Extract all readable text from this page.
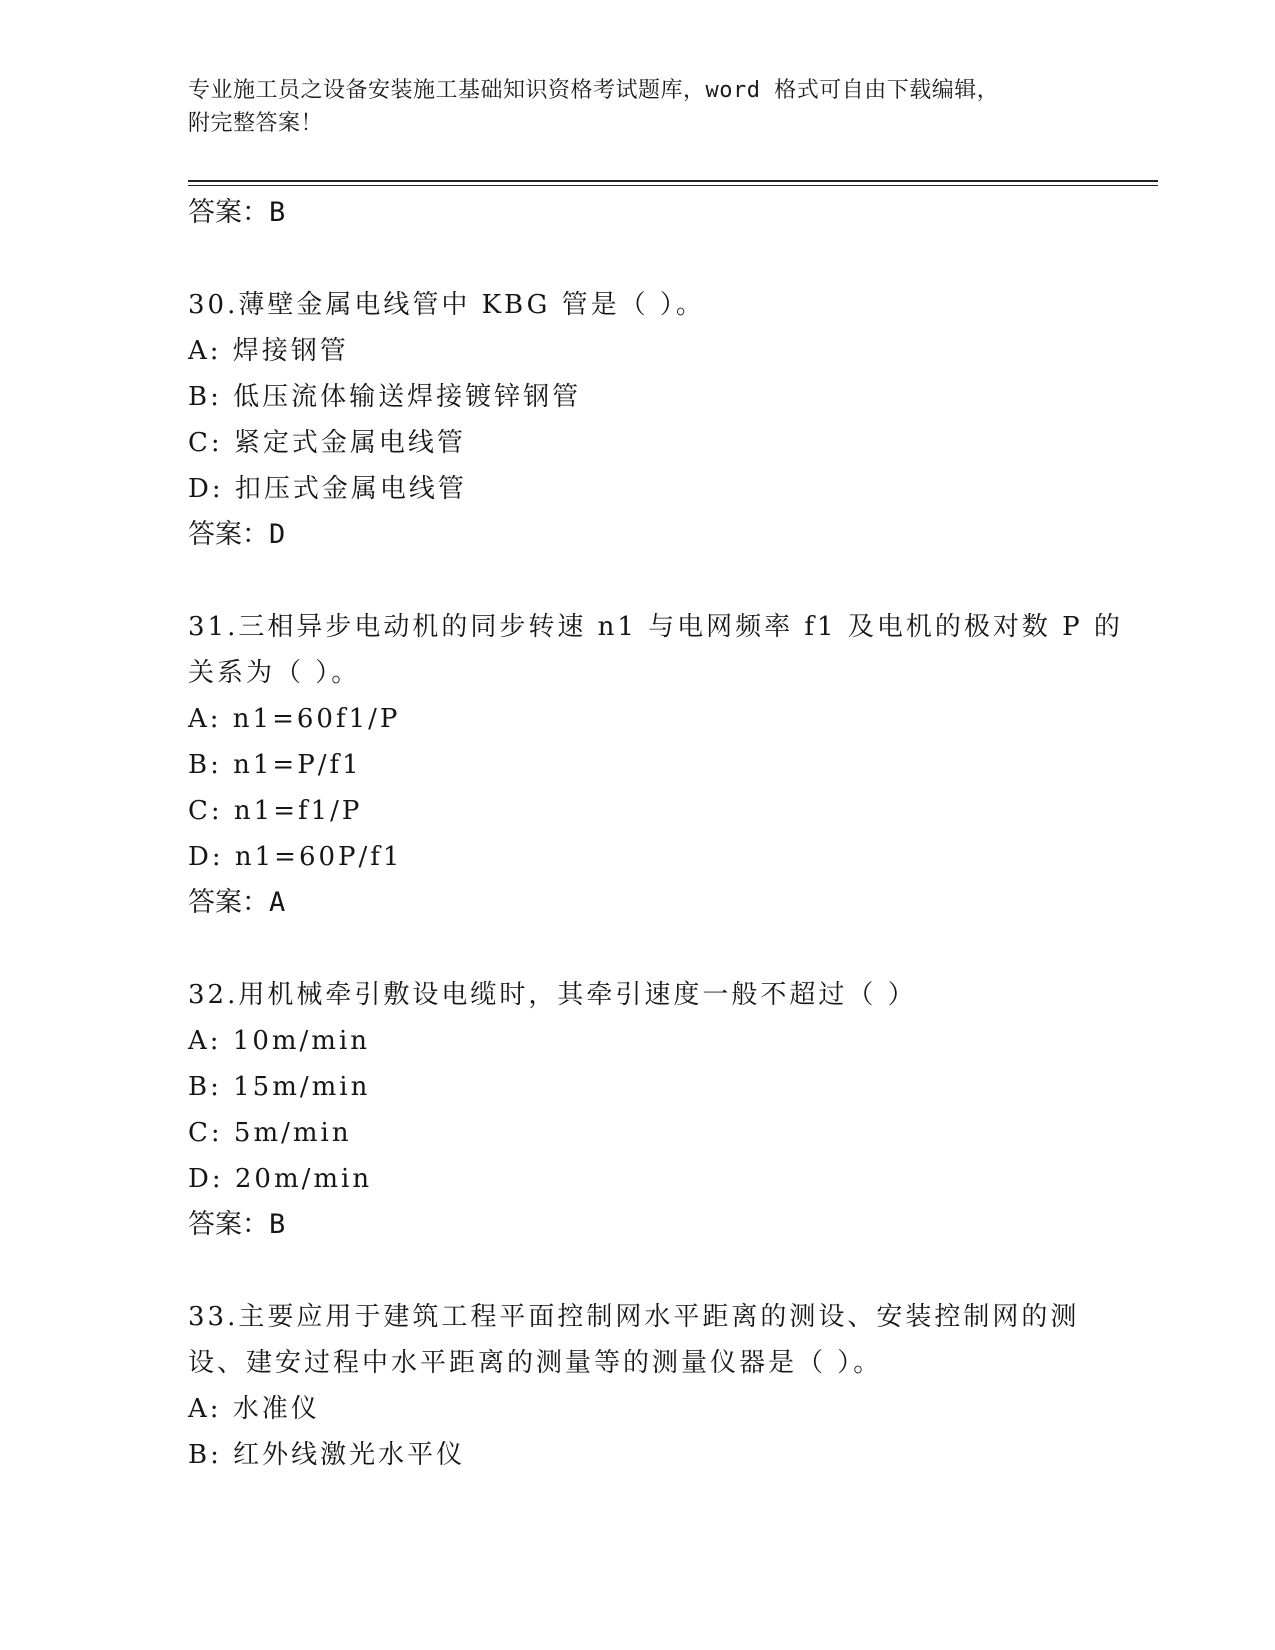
专业施工员之设备安装施工基础知识资格考试题库，word 格式可自由下载编辑，
附完整答案！
答案：B
30.薄壁金属电线管中 KBG 管是（ ）。
A: 焊接钢管
B: 低压流体输送焊接镀锌钢管
C: 紧定式金属电线管
D: 扣压式金属电线管
答案：D
31.三相异步电动机的同步转速 n1 与电网频率 f1 及电机的极对数 P 的
关系为（ ）。
A: n1=60f1/P
B: n1=P/f1
C: n1=f1/P
D: n1=60P/f1
答案：A
32.用机械牵引敷设电缆时，其牵引速度一般不超过（ ）
A: 10m/min
B: 15m/min
C: 5m/min
D: 20m/min
答案：B
33.主要应用于建筑工程平面控制网水平距离的测设、安装控制网的测
设、建安过程中水平距离的测量等的测量仪器是（ ）。
A: 水准仪
B: 红外线激光水平仪
